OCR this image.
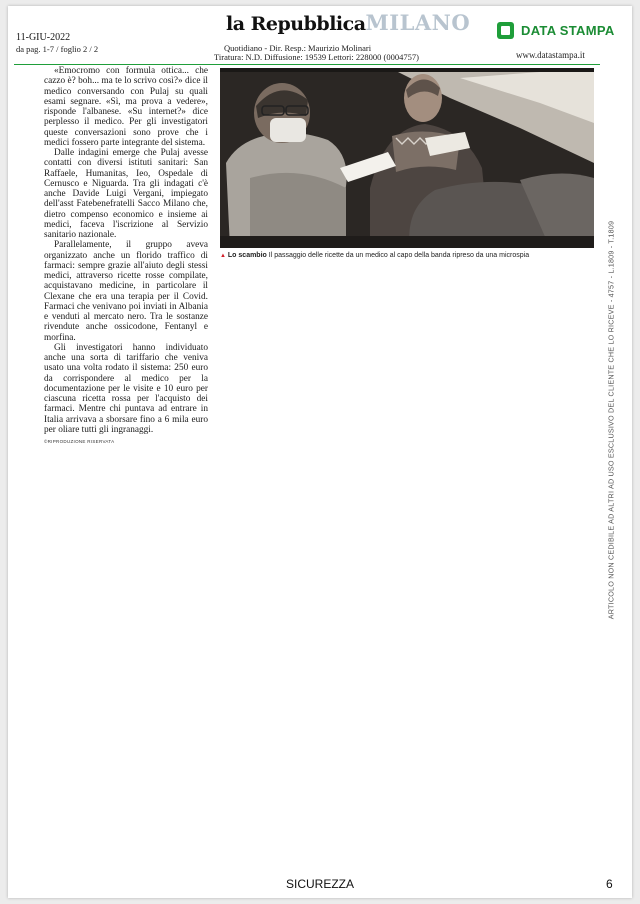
11-GIU-2022
da pag. 1-7 / foglio 2 / 2
la RepubblicaMILANO
Quotidiano - Dir. Resp.: Maurizio Molinari
Tiratura: N.D. Diffusione: 19539 Lettori: 228000 (0004757)
DATA STAMPA
www.datastampa.it

«Emocromo con formula ottica... che cazzo è? boh... ma te lo scrivo così?» dice il medico conversando con Pulaj su quali esami segnare. «Sì, ma prova a vedere», risponde l'albanese. «Su internet?» dice perplesso il medico. Per gli investigatori queste conversazioni sono prove che i medici fossero parte integrante del sistema.

Dalle indagini emerge che Pulaj avesse contatti con diversi istituti sanitari: San Raffaele, Humanitas, Ieo, Ospedale di Cernusco e Niguarda. Tra gli indagati c'è anche Davide Luigi Vergani, impiegato dell'asst Fatebenefratelli Sacco Milano che, dietro compenso economico e insieme ai medici, faceva l'iscrizione al Servizio sanitario nazionale.

Parallelamente, il gruppo aveva organizzato anche un florido traffico di farmaci: sempre grazie all'aiuto degli stessi medici, attraverso ricette rosse compilate, acquistavano medicine, in particolare il Clexane che era una terapia per il Covid. Farmaci che venivano poi inviati in Albania e venduti al mercato nero. Tra le sostanze rivendute anche ossicodone, Fentanyl e morfina.

Gli investigatori hanno individuato anche una sorta di tariffario che veniva usato una volta rodato il sistema: 250 euro da corrispondere al medico per la documentazione per le visite e 10 euro per ciascuna ricetta rossa per l'acquisto dei farmaci. Mentre chi puntava ad entrare in Italia arrivava a sborsare fino a 6 mila euro per oliare tutti gli ingranaggi.

©RIPRODUZIONE RISERVATA
▲ Lo scambio Il passaggio delle ricette da un medico al capo della banda ripreso da una microspia	ARTICOLO NON CEDIBILE AD ALTRI AD USO ESCLUSIVO DEL CLIENTE CHE LO RICEVE - 4757 - L.1809 - T.1809
SICUREZZA	6
